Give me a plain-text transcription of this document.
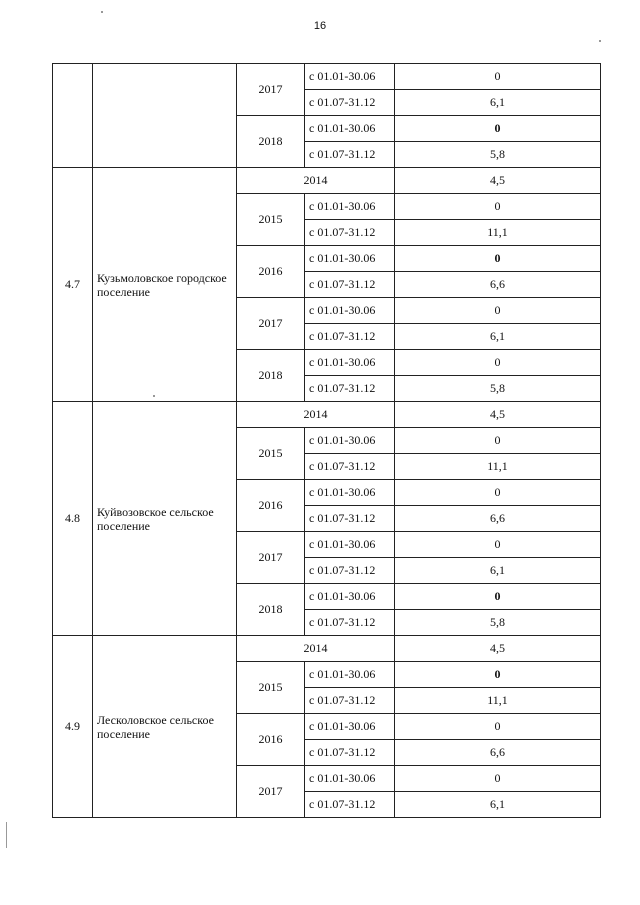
16
		2017	с 01.01-30.06	0
			с 01.07-31.12	6,1
		2018	с 01.01-30.06	0
			с 01.07-31.12	5,8
4.7	Кузьмоловское городское поселение	2014		4,5
		2015	с 01.01-30.06	0
			с 01.07-31.12	11,1
		2016	с 01.01-30.06	0
			с 01.07-31.12	6,6
		2017	с 01.01-30.06	0
			с 01.07-31.12	6,1
		2018	с 01.01-30.06	0
			с 01.07-31.12	5,8
4.8	Куйвозовское сельское поселение	2014		4,5
		2015	с 01.01-30.06	0
			с 01.07-31.12	11,1
		2016	с 01.01-30.06	0
			с 01.07-31.12	6,6
		2017	с 01.01-30.06	0
			с 01.07-31.12	6,1
		2018	с 01.01-30.06	0
			с 01.07-31.12	5,8
4.9	Лесколовское сельское поселение	2014		4,5
		2015	с 01.01-30.06	0
			с 01.07-31.12	11,1
		2016	с 01.01-30.06	0
			с 01.07-31.12	6,6
		2017	с 01.01-30.06	0
			с 01.07-31.12	6,1
